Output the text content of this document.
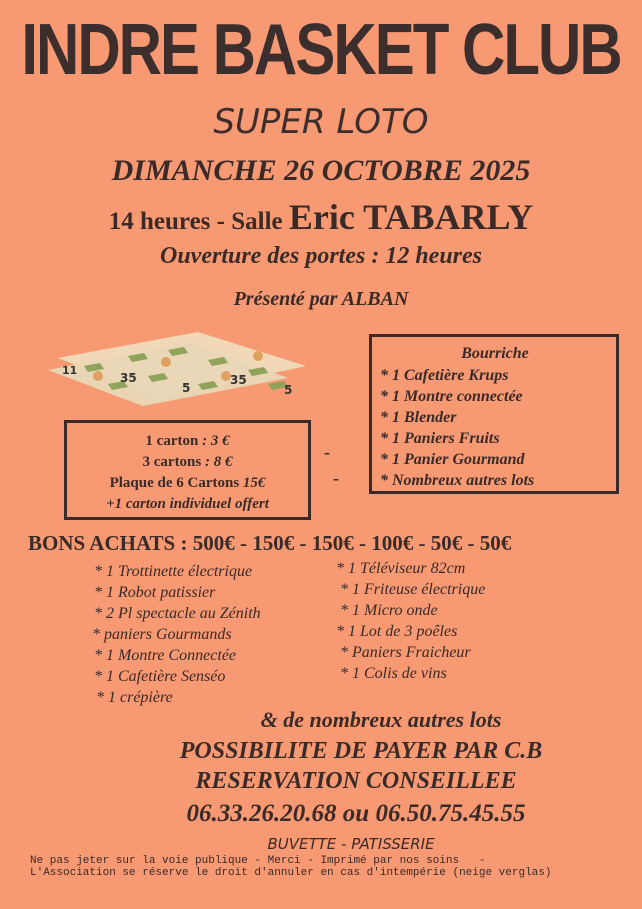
INDRE BASKET CLUB
SUPER LOTO
DIMANCHE 26 OCTOBRE 2025
14 heures - Salle Eric TABARLY
Ouverture des portes : 12 heures
Présenté par ALBAN
11
35
5
35
5
Bourriche
* 1 Cafetière Krups
* 1 Montre connectée
* 1 Blender
* 1 Paniers Fruits
* 1 Panier Gourmand
* Nombreux autres lots
1 carton : 3 €
3 cartons : 8 €
Plaque de 6 Cartons 15€
+1 carton individuel offert
-
-
BONS ACHATS : 500€ - 150€ - 150€ - 100€ - 50€ - 50€
* 1 Trottinette électrique
* 1 Robot patissier
* 2 Pl spectacle au Zénith
* paniers Gourmands
* 1 Montre Connectée
* 1 Cafetière Senséo
* 1 crépière
* 1 Téléviseur 82cm
* 1 Friteuse électrique
* 1 Micro onde
* 1 Lot de 3 poêles
* Paniers Fraicheur
* 1 Colis de vins
& de nombreux autres lots
POSSIBILITE DE PAYER PAR C.B
RESERVATION CONSEILLEE
06.33.26.20.68 ou 06.50.75.45.55
BUVETTE - PATISSERIE
Ne pas jeter sur la voie publique - Merci - Imprimé par nos soins   -
L'Association se réserve le droit d'annuler en cas d'intempérie (neige verglas)
